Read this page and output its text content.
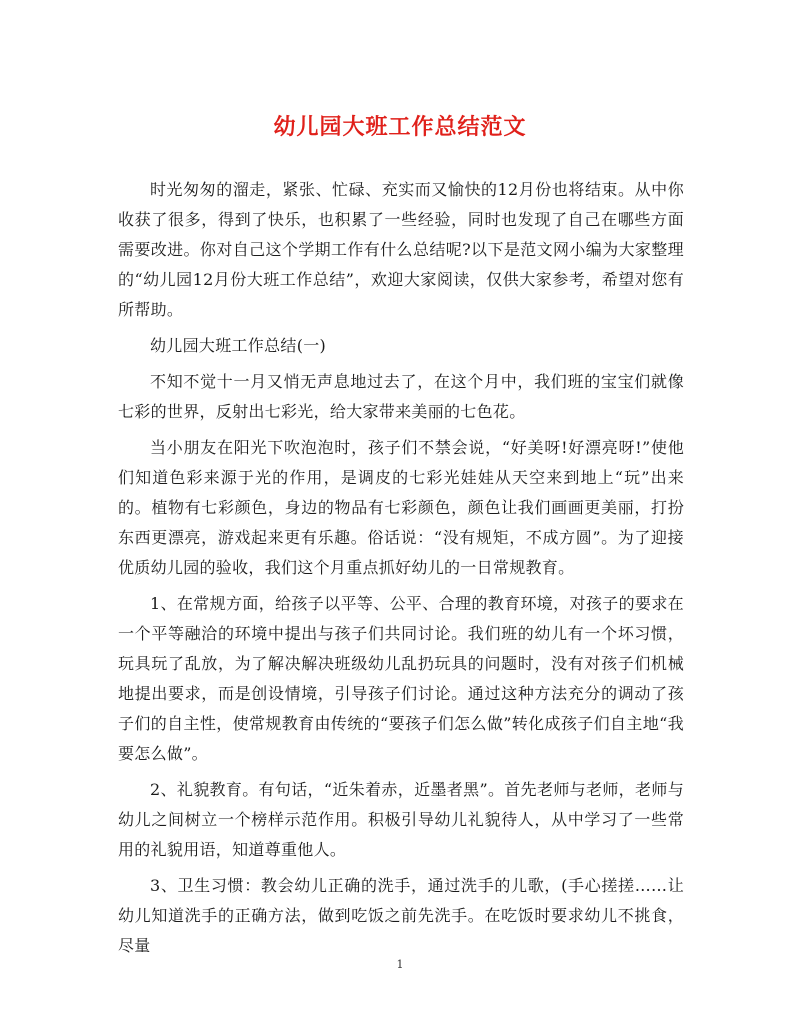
幼儿园大班工作总结范文

时光匆匆的溜走，紧张、忙碌、充实而又愉快的12月份也将结束。从中你收获了很多，得到了快乐，也积累了一些经验，同时也发现了自己在哪些方面需要改进。你对自己这个学期工作有什么总结呢?以下是范文网小编为大家整理的“幼儿园12月份大班工作总结”，欢迎大家阅读，仅供大家参考，希望对您有所帮助。

幼儿园大班工作总结(一)

不知不觉十一月又悄无声息地过去了，在这个月中，我们班的宝宝们就像七彩的世界，反射出七彩光，给大家带来美丽的七色花。

当小朋友在阳光下吹泡泡时，孩子们不禁会说，“好美呀!好漂亮呀!”使他们知道色彩来源于光的作用，是调皮的七彩光娃娃从天空来到地上“玩”出来的。植物有七彩颜色，身边的物品有七彩颜色，颜色让我们画画更美丽，打扮东西更漂亮，游戏起来更有乐趣。俗话说：“没有规矩，不成方圆”。为了迎接优质幼儿园的验收，我们这个月重点抓好幼儿的一日常规教育。

1、在常规方面，给孩子以平等、公平、合理的教育环境，对孩子的要求在一个平等融洽的环境中提出与孩子们共同讨论。我们班的幼儿有一个坏习惯，玩具玩了乱放，为了解决解决班级幼儿乱扔玩具的问题时，没有对孩子们机械地提出要求，而是创设情境，引导孩子们讨论。通过这种方法充分的调动了孩子们的自主性，使常规教育由传统的“要孩子们怎么做”转化成孩子们自主地“我要怎么做”。

2、礼貌教育。有句话，“近朱着赤，近墨者黑”。首先老师与老师，老师与幼儿之间树立一个榜样示范作用。积极引导幼儿礼貌待人，从中学习了一些常用的礼貌用语，知道尊重他人。

3、卫生习惯：教会幼儿正确的洗手，通过洗手的儿歌，(手心搓搓……让幼儿知道洗手的正确方法，做到吃饭之前先洗手。在吃饭时要求幼儿不挑食，尽量

1
